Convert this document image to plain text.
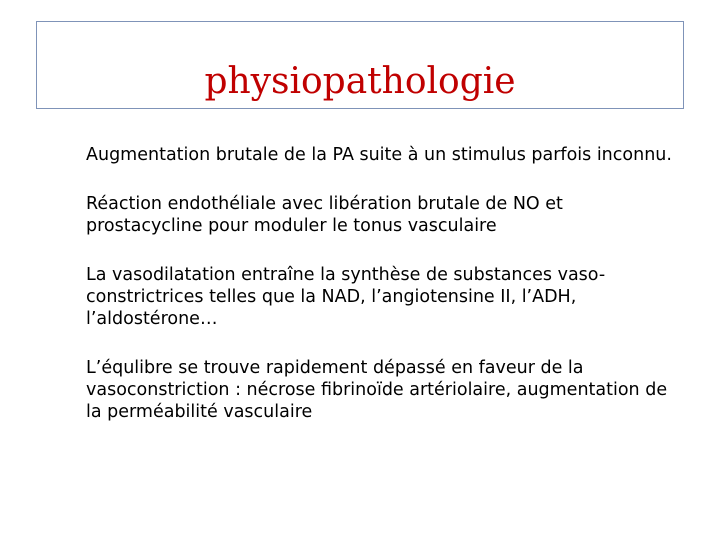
physiopathologie

Augmentation brutale de la PA suite à un stimulus parfois inconnu.

Réaction endothéliale avec libération brutale de NO et prostacycline pour moduler le tonus vasculaire

La vasodilatation entraîne la synthèse de substances vaso-constrictrices telles que la NAD, l’angiotensine II, l’ADH, l’aldostérone…

L’équlibre se trouve rapidement dépassé en faveur de la vasoconstriction : nécrose fibrinoïde artériolaire, augmentation de la perméabilité vasculaire
